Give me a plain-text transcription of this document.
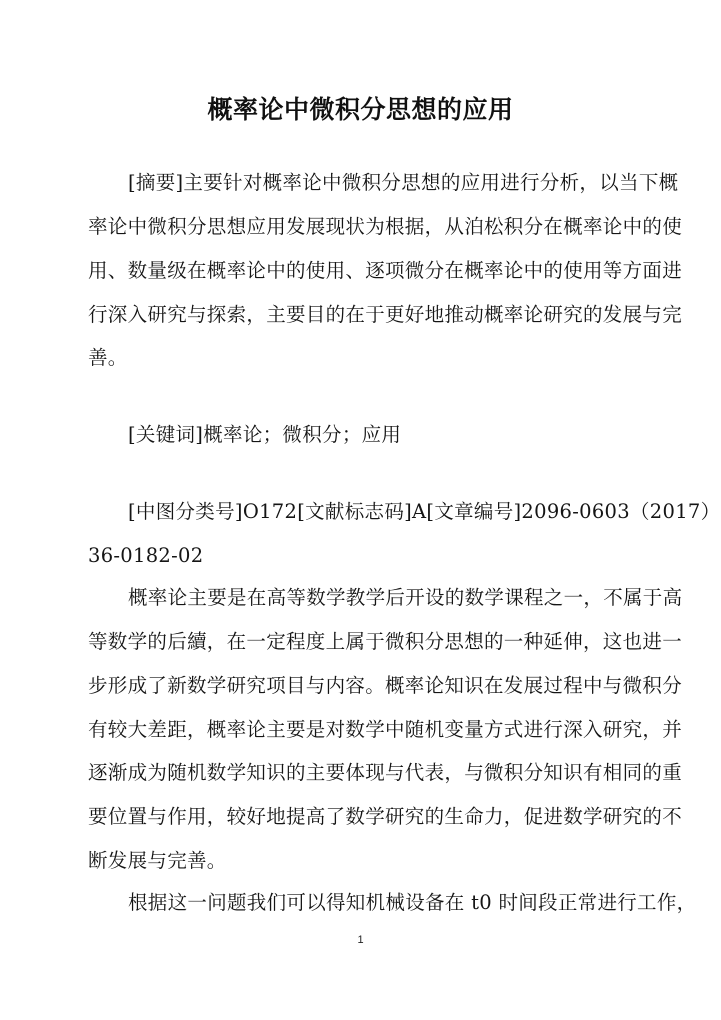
概率论中微积分思想的应用
[摘要]主要针对概率论中微积分思想的应用进行分析，以当下概
率论中微积分思想应用发展现状为根据，从泊松积分在概率论中的使
用、数量级在概率论中的使用、逐项微分在概率论中的使用等方面进
行深入研究与探索，主要目的在于更好地推动概率论研究的发展与完
善。
[关键词]概率论；微积分；应用
[中图分类号]O172[文献标志码]A[文章编号]2096-0603（2017）
36-0182-02
概率论主要是在高等数学教学后开设的数学课程之一，不属于高
等数学的后續，在一定程度上属于微积分思想的一种延伸，这也进一
步形成了新数学研究项目与内容。概率论知识在发展过程中与微积分
有较大差距，概率论主要是对数学中随机变量方式进行深入研究，并
逐渐成为随机数学知识的主要体现与代表，与微积分知识有相同的重
要位置与作用，较好地提高了数学研究的生命力，促进数学研究的不
断发展与完善。
根据这一问题我们可以得知机械设备在 t0 时间段正常进行工作，
1
